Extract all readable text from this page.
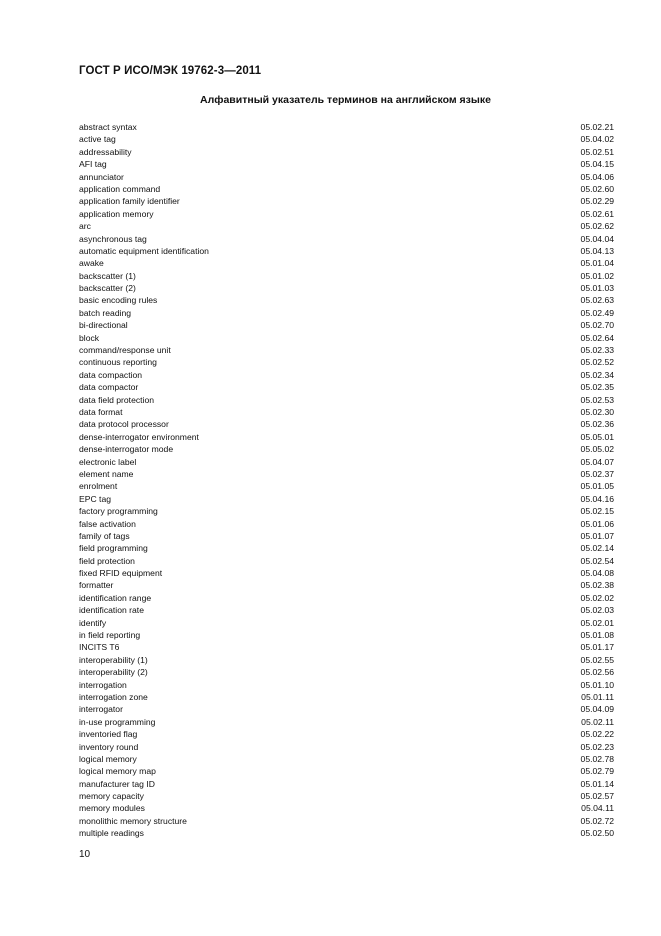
ГОСТ Р ИСО/МЭК 19762-3—2011
Алфавитный указатель терминов на английском языке
abstract syntax	05.02.21
active tag	05.04.02
addressability	05.02.51
AFI tag	05.04.15
annunciator	05.04.06
application command	05.02.60
application family identifier	05.02.29
application memory	05.02.61
arc	05.02.62
asynchronous tag	05.04.04
automatic equipment identification	05.04.13
awake	05.01.04
backscatter (1)	05.01.02
backscatter (2)	05.01.03
basic encoding rules	05.02.63
batch reading	05.02.49
bi-directional	05.02.70
block	05.02.64
command/response unit	05.02.33
continuous reporting	05.02.52
data compaction	05.02.34
data compactor	05.02.35
data field protection	05.02.53
data format	05.02.30
data protocol processor	05.02.36
dense-interrogator environment	05.05.01
dense-interrogator mode	05.05.02
electronic label	05.04.07
element name	05.02.37
enrolment	05.01.05
EPC tag	05.04.16
factory programming	05.02.15
false activation	05.01.06
family of tags	05.01.07
field programming	05.02.14
field protection	05.02.54
fixed RFID equipment	05.04.08
formatter	05.02.38
identification range	05.02.02
identification rate	05.02.03
identify	05.02.01
in field reporting	05.01.08
INCITS T6	05.01.17
interoperability (1)	05.02.55
interoperability (2)	05.02.56
interrogation	05.01.10
interrogation zone	05.01.11
interrogator	05.04.09
in-use programming	05.02.11
inventoried flag	05.02.22
inventory round	05.02.23
logical memory	05.02.78
logical memory map	05.02.79
manufacturer tag ID	05.01.14
memory capacity	05.02.57
memory modules	05.04.11
monolithic memory structure	05.02.72
multiple readings	05.02.50
10
